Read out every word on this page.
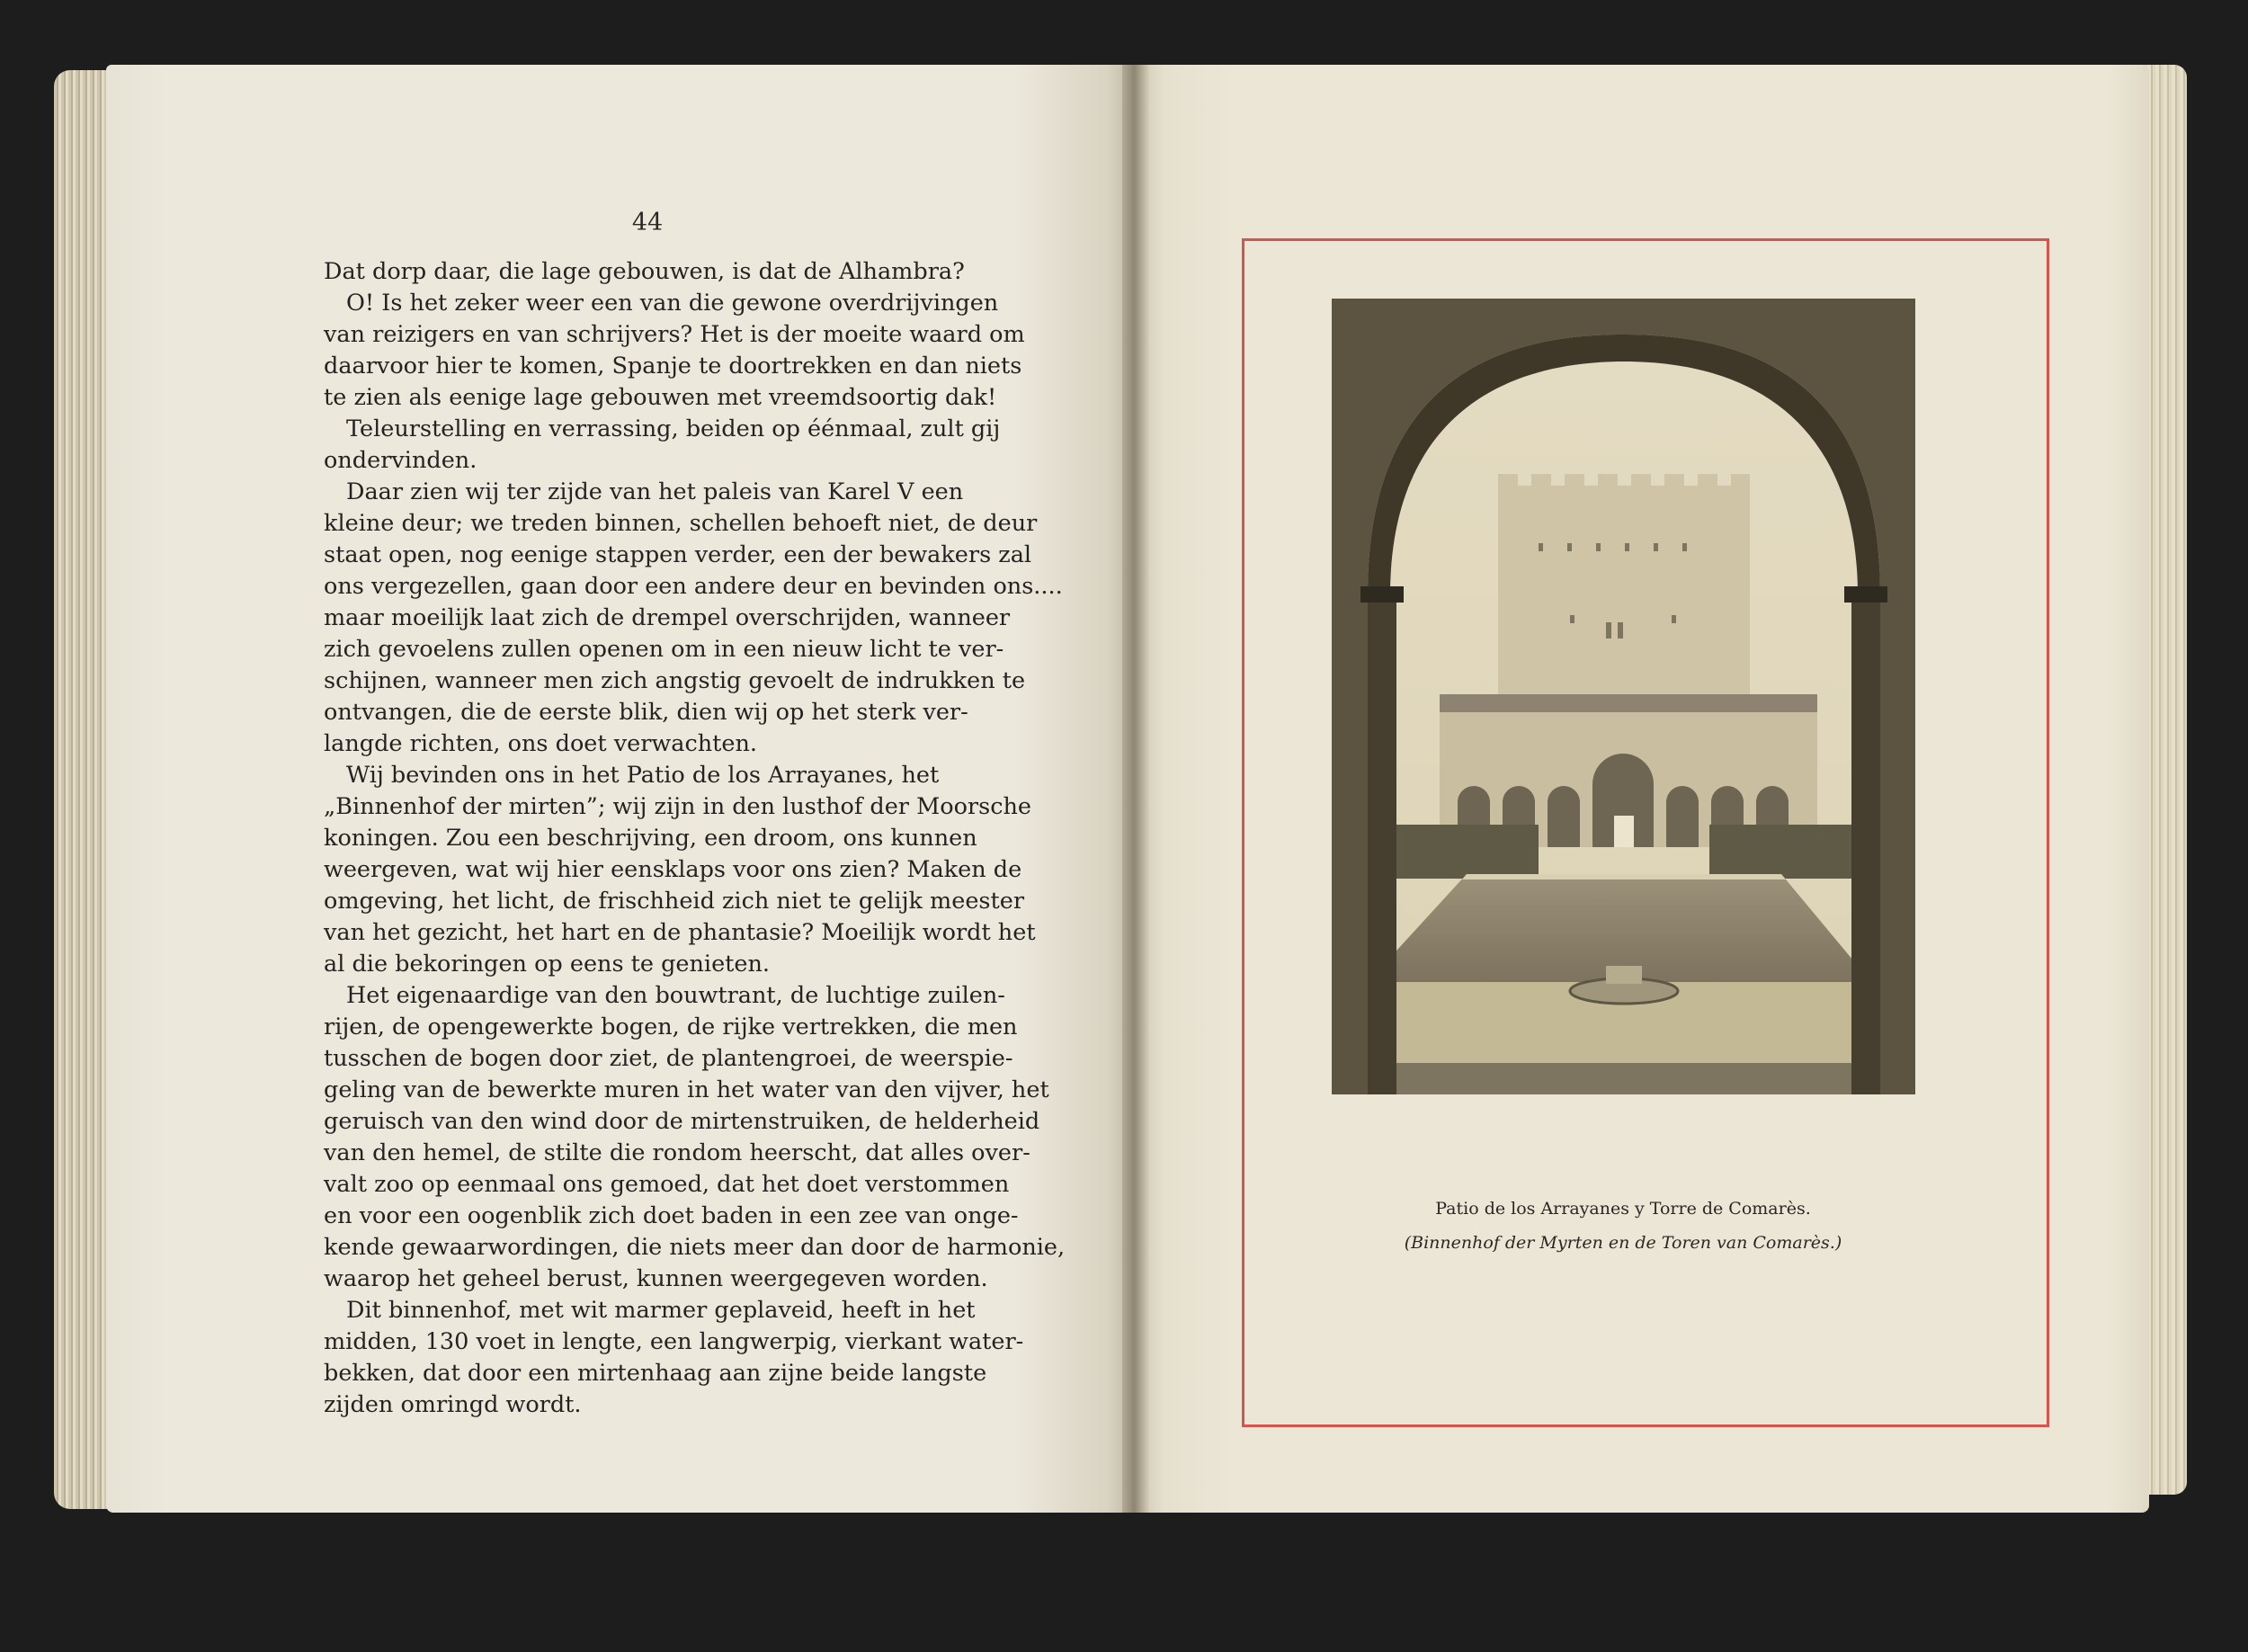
44
Dat dorp daar, die lage gebouwen, is dat de Alhambra?
O! Is het zeker weer een van die gewone overdrijvingen
van reizigers en van schrijvers? Het is der moeite waard om
daarvoor hier te komen, Spanje te doortrekken en dan niets
te zien als eenige lage gebouwen met vreemdsoortig dak!
Teleurstelling en verrassing, beiden op éénmaal, zult gij
ondervinden.
Daar zien wij ter zijde van het paleis van Karel V een
kleine deur; we treden binnen, schellen behoeft niet, de deur
staat open, nog eenige stappen verder, een der bewakers zal
ons vergezellen, gaan door een andere deur en bevinden ons....
maar moeilijk laat zich de drempel overschrijden, wanneer
zich gevoelens zullen openen om in een nieuw licht te ver-
schijnen, wanneer men zich angstig gevoelt de indrukken te
ontvangen, die de eerste blik, dien wij op het sterk ver-
langde richten, ons doet verwachten.
Wij bevinden ons in het Patio de los Arrayanes, het
„Binnenhof der mirten”; wij zijn in den lusthof der Moorsche
koningen. Zou een beschrijving, een droom, ons kunnen
weergeven, wat wij hier eensklaps voor ons zien? Maken de
omgeving, het licht, de frischheid zich niet te gelijk meester
van het gezicht, het hart en de phantasie? Moeilijk wordt het
al die bekoringen op eens te genieten.
Het eigenaardige van den bouwtrant, de luchtige zuilen-
rijen, de opengewerkte bogen, de rijke vertrekken, die men
tusschen de bogen door ziet, de plantengroei, de weerspie-
geling van de bewerkte muren in het water van den vijver, het
geruisch van den wind door de mirtenstruiken, de helderheid
van den hemel, de stilte die rondom heerscht, dat alles over-
valt zoo op eenmaal ons gemoed, dat het doet verstommen
en voor een oogenblik zich doet baden in een zee van onge-
kende gewaarwordingen, die niets meer dan door de harmonie,
waarop het geheel berust, kunnen weergegeven worden.
Dit binnenhof, met wit marmer geplaveid, heeft in het
midden, 130 voet in lengte, een langwerpig, vierkant water-
bekken, dat door een mirtenhaag aan zijne beide langste
zijden omringd wordt.
Patio de los Arrayanes y Torre de Comarès.
(Binnenhof der Myrten en de Toren van Comarès.)
